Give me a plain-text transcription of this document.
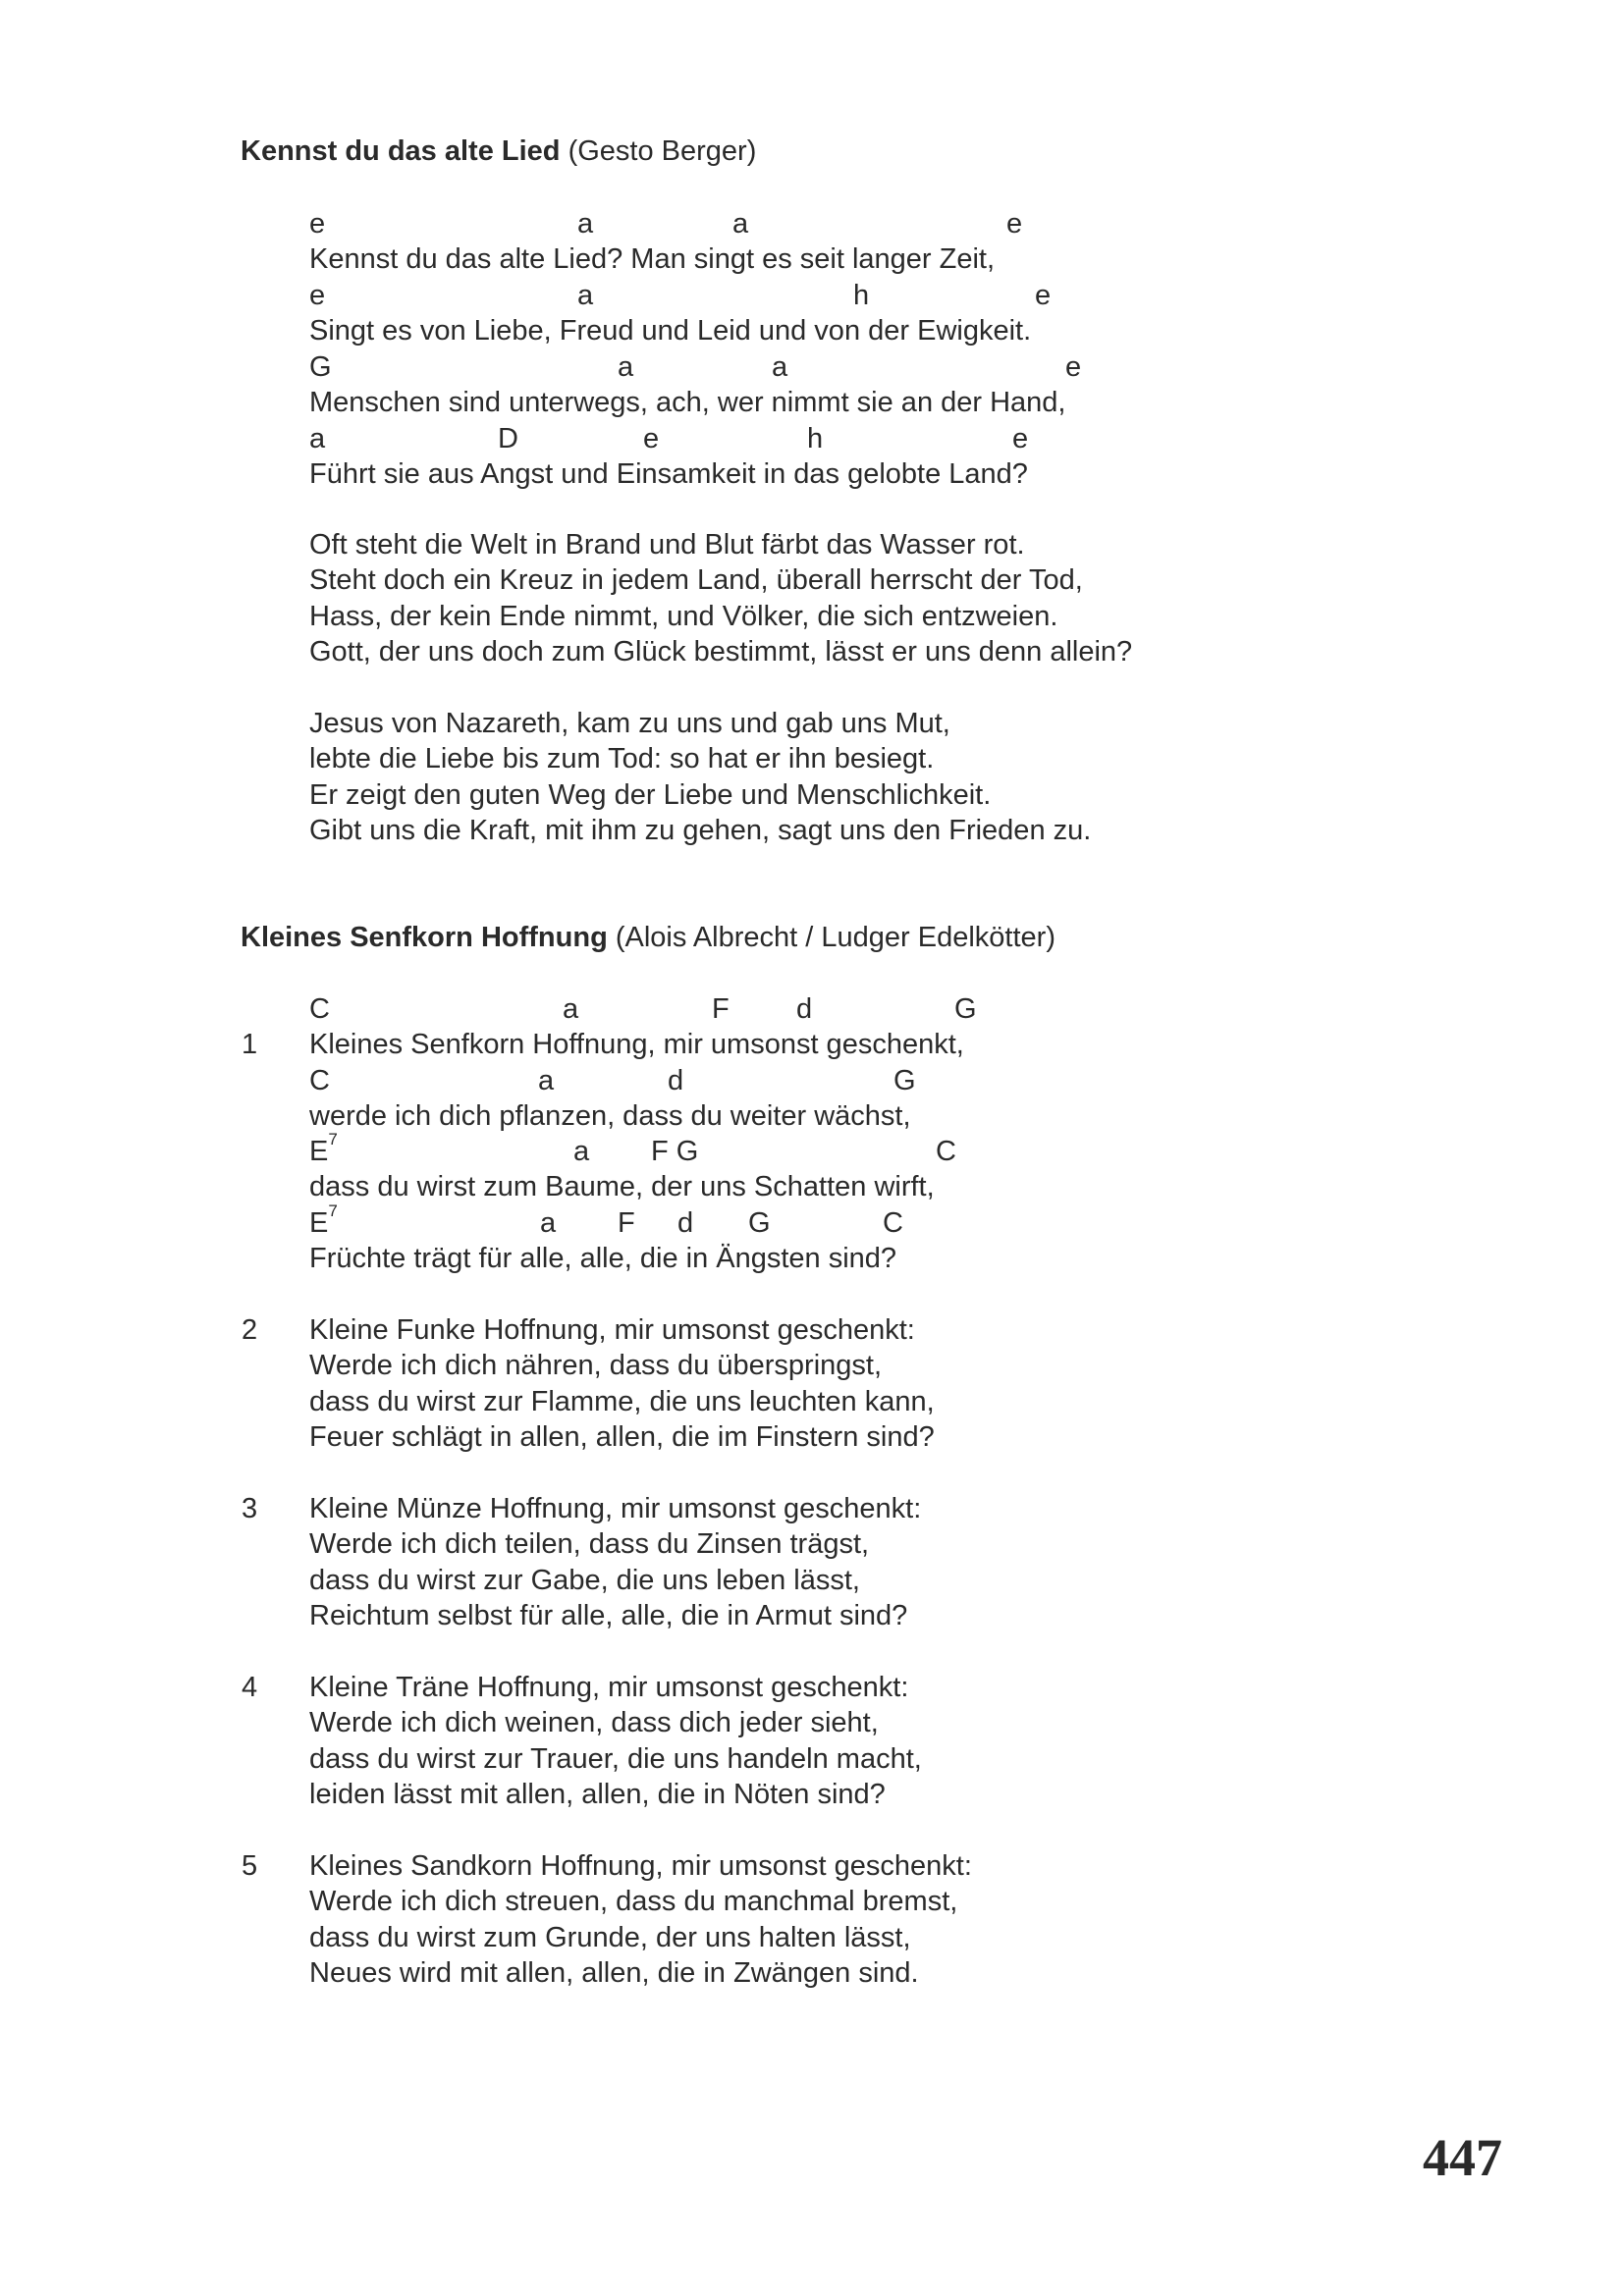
Kennst du das alte Lied (Gesto Berger)
e	a	a	e
Kennst du das alte Lied? Man singt es seit langer Zeit,
e	a	h	e
Singt es von Liebe, Freud und Leid und von der Ewigkeit.
G	a	a	e
Menschen sind unterwegs, ach, wer nimmt sie an der Hand,
a	D	e	h	e
Führt sie aus Angst und Einsamkeit in das gelobte Land?
Oft steht die Welt in Brand und Blut färbt das Wasser rot.
Steht doch ein Kreuz in jedem Land, überall herrscht der Tod,
Hass, der kein Ende nimmt, und Völker, die sich entzweien.
Gott, der uns doch zum Glück bestimmt, lässt er uns denn allein?
Jesus von Nazareth, kam zu uns und gab uns Mut,
lebte die Liebe bis zum Tod: so hat er ihn besiegt.
Er zeigt den guten Weg der Liebe und Menschlichkeit.
Gibt uns die Kraft, mit ihm zu gehen, sagt uns den Frieden zu.
Kleines Senfkorn Hoffnung (Alois Albrecht / Ludger Edelkötter)
C	a	F d	G
1 Kleines Senfkorn Hoffnung, mir umsonst geschenkt,
C	a	d	G
werde ich dich pflanzen, dass du weiter wächst,
$E^7$	a F G	C
dass du wirst zum Baume, der uns Schatten wirft,
$E^7$	a F d G	C
Früchte trägt für alle, alle, die in Ängsten sind?
2 Kleine Funke Hoffnung, mir umsonst geschenkt:
Werde ich dich nähren, dass du überspringst,
dass du wirst zur Flamme, die uns leuchten kann,
Feuer schlägt in allen, allen, die im Finstern sind?
3 Kleine Münze Hoffnung, mir umsonst geschenkt:
Werde ich dich teilen, dass du Zinsen trägst,
dass du wirst zur Gabe, die uns leben lässt,
Reichtum selbst für alle, alle, die in Armut sind?
4 Kleine Träne Hoffnung, mir umsonst geschenkt:
Werde ich dich weinen, dass dich jeder sieht,
dass du wirst zur Trauer, die uns handeln macht,
leiden lässt mit allen, allen, die in Nöten sind?
5 Kleines Sandkorn Hoffnung, mir umsonst geschenkt:
Werde ich dich streuen, dass du manchmal bremst,
dass du wirst zum Grunde, der uns halten lässt,
Neues wird mit allen, allen, die in Zwängen sind.
447
